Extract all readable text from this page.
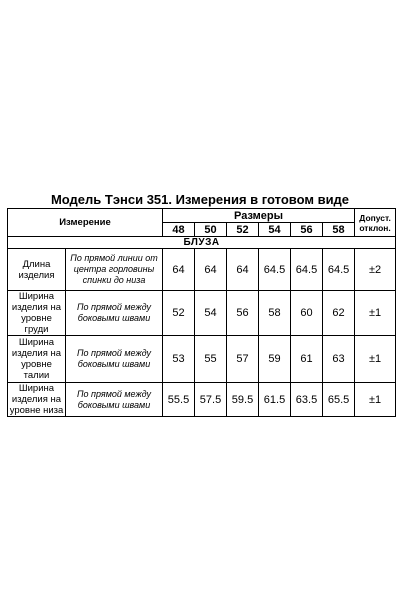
Модель Тэнси 351. Измерения в готовом виде
Измерение		Размеры						Допуст. отклон.
		48	50	52	54	56	58	
БЛУЗА								
Длина изделия	По прямой линии от центра горловины спинки до низа	64	64	64	64.5	64.5	64.5	±2
Ширина изделия на уровне груди	По прямой между боковыми швами	52	54	56	58	60	62	±1
Ширина изделия на уровне талии	По прямой между боковыми швами	53	55	57	59	61	63	±1
Ширина изделия на уровне низа	По прямой между боковыми швами	55.5	57.5	59.5	61.5	63.5	65.5	±1
